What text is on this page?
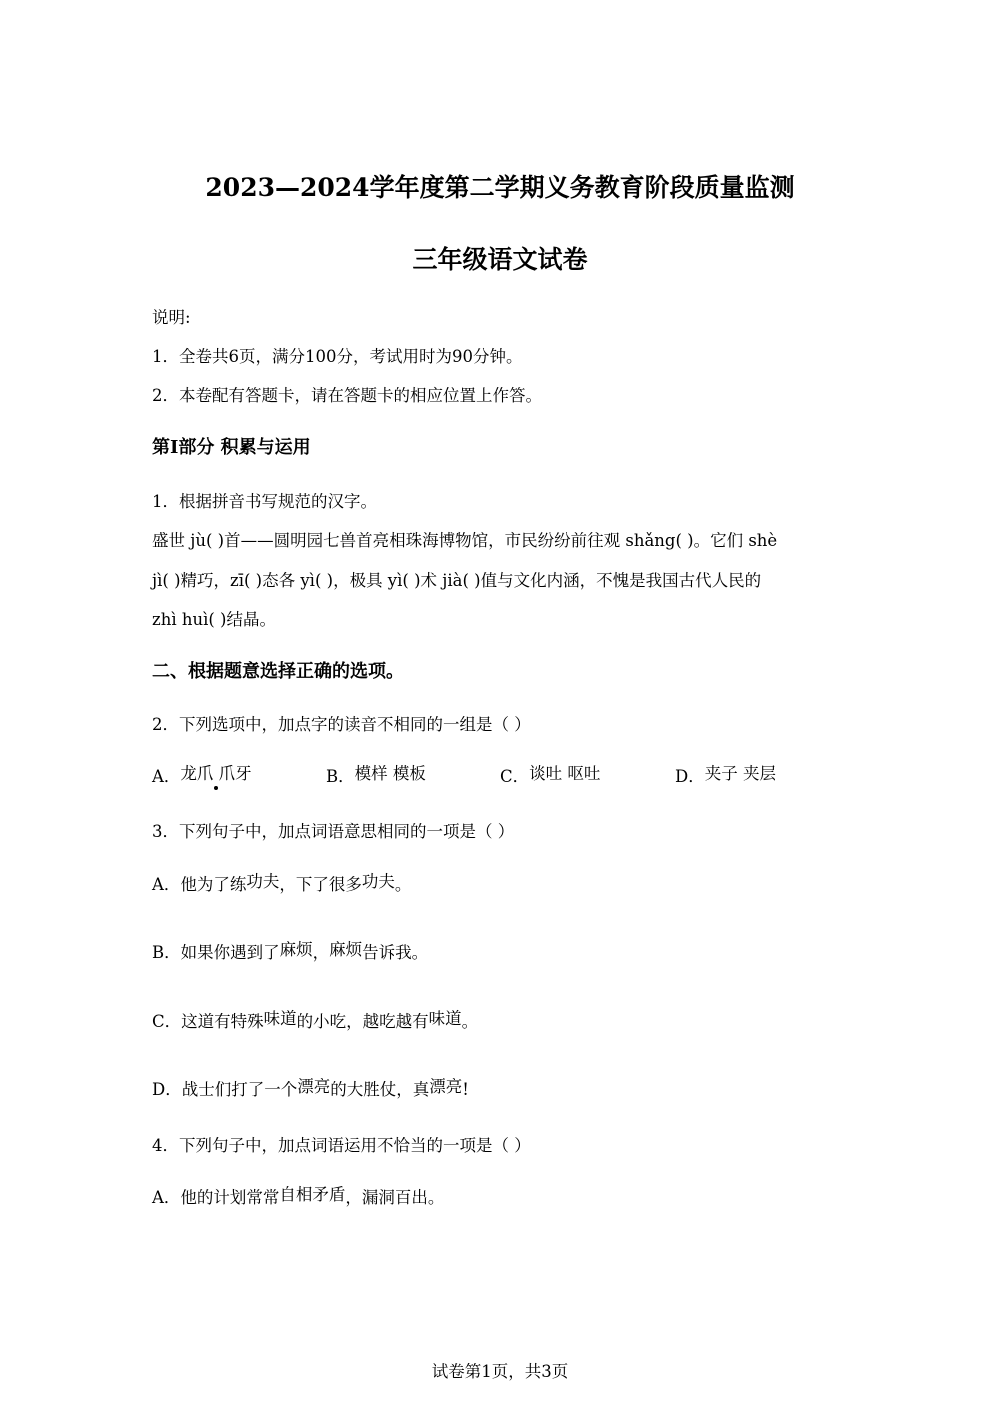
2023—2024学年度第二学期义务教育阶段质量监测
三年级语文试卷
说明:
1．全卷共6页，满分100分，考试用时为90分钟。
2．本卷配有答题卡，请在答题卡的相应位置上作答。
第I部分 积累与运用
1．根据拼音书写规范的汉字。
盛世 jù( )首——圆明园七兽首亮相珠海博物馆，市民纷纷前往观 shǎng( )。它们 shè
jì( )精巧，zī( )态各 yì( )，极具 yì( )术 jià( )值与文化内涵，不愧是我国古代人民的
zhì huì( )结晶。
二、根据题意选择正确的选项。
2．下列选项中，加点字的读音不相同的一组是（ ）
A．龙爪 爪牙	B．模样 模板	C．谈吐 呕吐	D．夹子 夹层
3．下列句子中，加点词语意思相同的一项是（ ）
A．他为了练功夫，下了很多功夫。
B．如果你遇到了麻烦，麻烦告诉我。
C．这道有特殊味道的小吃，越吃越有味道。
D．战士们打了一个漂亮的大胜仗，真漂亮!
4．下列句子中，加点词语运用不恰当的一项是（ ）
A．他的计划常常自相矛盾，漏洞百出。
试卷第1页，共3页
